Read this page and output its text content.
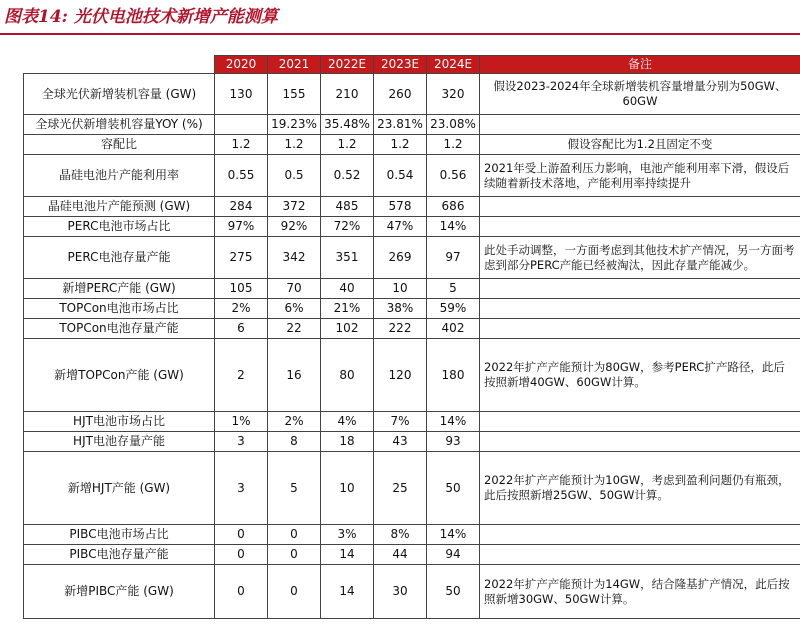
图表14: 光伏电池技术新增产能测算
	2020	2021	2022E	2023E	2024E	备注
全球光伏新增装机容量 (GW)	130	155	210	260	320	假设2023-2024年全球新增装机容量增量分别为50GW、60GW
全球光伏新增装机容量YOY (%)		19.23%	35.48%	23.81%	23.08%	
容配比	1.2	1.2	1.2	1.2	1.2	假设容配比为1.2且固定不变
晶硅电池片产能利用率	0.55	0.5	0.52	0.54	0.56	2021年受上游盈利压力影响，电池产能利用率下滑，假设后续随着新技术落地，产能利用率持续提升
晶硅电池片产能预测 (GW)	284	372	485	578	686	
PERC电池市场占比	97%	92%	72%	47%	14%	
PERC电池存量产能	275	342	351	269	97	此处手动调整，一方面考虑到其他技术扩产情况，另一方面考虑到部分PERC产能已经被淘汰，因此存量产能减少。
新增PERC产能 (GW)	105	70	40	10	5	
TOPCon电池市场占比	2%	6%	21%	38%	59%	
TOPCon电池存量产能	6	22	102	222	402	
新增TOPCon产能 (GW)	2	16	80	120	180	2022年扩产产能预计为80GW，参考PERC扩产路径，此后按照新增40GW、60GW计算。
HJT电池市场占比	1%	2%	4%	7%	14%	
HJT电池存量产能	3	8	18	43	93	
新增HJT产能 (GW)	3	5	10	25	50	2022年扩产产能预计为10GW，考虑到盈利问题仍有瓶颈，此后按照新增25GW、50GW计算。
PIBC电池市场占比	0	0	3%	8%	14%	
PIBC电池存量产能	0	0	14	44	94	
新增PIBC产能 (GW)	0	0	14	30	50	2022年扩产产能预计为14GW，结合隆基扩产情况，此后按照新增30GW、50GW计算。
